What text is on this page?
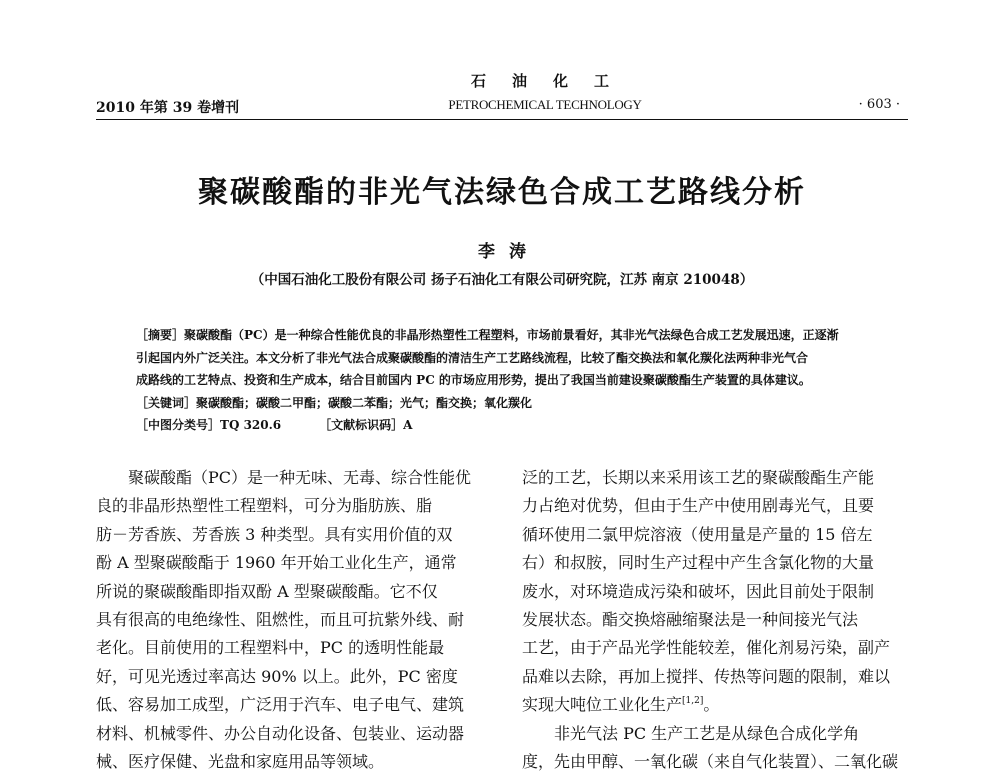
石油化工
2010 年第 39 卷增刊	PETROCHEMICAL TECHNOLOGY	· 603 ·
聚碳酸酯的非光气法绿色合成工艺路线分析
李涛
（中国石油化工股份有限公司 扬子石油化工有限公司研究院，江苏 南京 210048）
［摘要］聚碳酸酯（PC）是一种综合性能优良的非晶形热塑性工程塑料，市场前景看好，其非光气法绿色合成工艺发展迅速，正逐渐
引起国内外广泛关注。本文分析了非光气法合成聚碳酸酯的清洁生产工艺路线流程，比较了酯交换法和氧化羰化法两种非光气合
成路线的工艺特点、投资和生产成本，结合目前国内 PC 的市场应用形势，提出了我国当前建设聚碳酸酯生产装置的具体建议。
［关键词］聚碳酸酯；碳酸二甲酯；碳酸二苯酯；光气；酯交换；氧化羰化
［中图分类号］TQ 320.6	［文献标识码］A
聚碳酸酯（PC）是一种无味、无毒、综合性能优
良的非晶形热塑性工程塑料，可分为脂肪族、脂
肪－芳香族、芳香族 3 种类型。具有实用价值的双
酚 A 型聚碳酸酯于 1960 年开始工业化生产，通常
所说的聚碳酸酯即指双酚 A 型聚碳酸酯。它不仅
具有很高的电绝缘性、阻燃性，而且可抗紫外线、耐
老化。目前使用的工程塑料中，PC 的透明性能最
好，可见光透过率高达 90% 以上。此外，PC 密度
低、容易加工成型，广泛用于汽车、电子电气、建筑
材料、机械零件、办公自动化设备、包装业、运动器
械、医疗保健、光盘和家庭用品等领域。
泛的工艺，长期以来采用该工艺的聚碳酸酯生产能
力占绝对优势，但由于生产中使用剧毒光气，且要
循环使用二氯甲烷溶液（使用量是产量的 15 倍左
右）和叔胺，同时生产过程中产生含氯化物的大量
废水，对环境造成污染和破坏，因此目前处于限制
发展状态。酯交换熔融缩聚法是一种间接光气法
工艺，由于产品光学性能较差，催化剂易污染，副产
品难以去除，再加上搅拌、传热等问题的限制，难以
实现大吨位工业化生产[1,2]。
非光气法 PC 生产工艺是从绿色合成化学角
度，先由甲醇、一氧化碳（来自气化装置）、二氧化碳
